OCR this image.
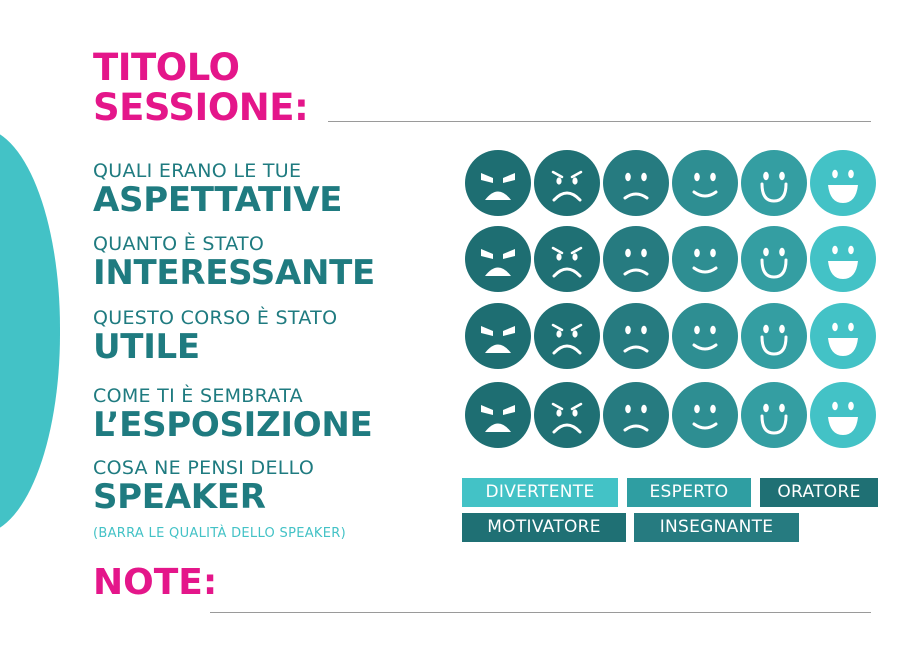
TITOLO
SESSIONE:
QUALI ERANO LE TUE
ASPETTATIVE
QUANTO È STATO
INTERESSANTE
QUESTO CORSO È STATO
UTILE
COME TI È SEMBRATA
L’ESPOSIZIONE
COSA NE PENSI DELLO
SPEAKER
(BARRA LE QUALITÀ DELLO SPEAKER)
DIVERTENTE	ESPERTO	ORATORE
MOTIVATORE	INSEGNANTE
NOTE:
